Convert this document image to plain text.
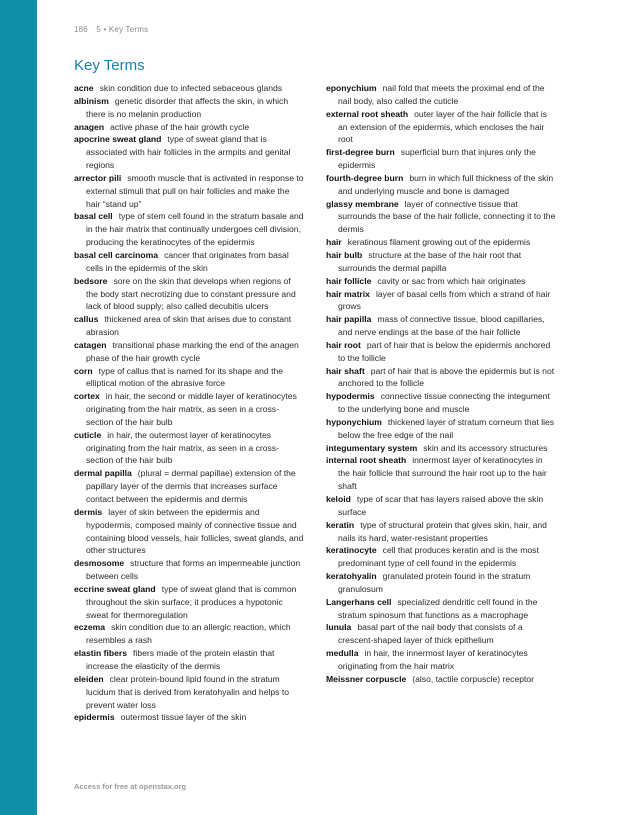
186 5 • Key Terms
Key Terms

acne skin condition due to infected sebaceous glands

albinism genetic disorder that affects the skin, in which there is no melanin production

anagen active phase of the hair growth cycle

apocrine sweat gland type of sweat gland that is associated with hair follicles in the armpits and genital regions

arrector pili smooth muscle that is activated in response to external stimuli that pull on hair follicles and make the hair “stand up”

basal cell type of stem cell found in the stratum basale and in the hair matrix that continually undergoes cell division, producing the keratinocytes of the epidermis

basal cell carcinoma cancer that originates from basal cells in the epidermis of the skin

bedsore sore on the skin that develops when regions of the body start necrotizing due to constant pressure and lack of blood supply; also called decubitis ulcers

callus thickened area of skin that arises due to constant abrasion

catagen transitional phase marking the end of the anagen phase of the hair growth cycle

corn type of callus that is named for its shape and the elliptical motion of the abrasive force

cortex in hair, the second or middle layer of keratinocytes originating from the hair matrix, as seen in a cross-section of the hair bulb

cuticle in hair, the outermost layer of keratinocytes originating from the hair matrix, as seen in a cross-section of the hair bulb

dermal papilla (plural = dermal papillae) extension of the papillary layer of the dermis that increases surface contact between the epidermis and dermis

dermis layer of skin between the epidermis and hypodermis, composed mainly of connective tissue and containing blood vessels, hair follicles, sweat glands, and other structures

desmosome structure that forms an impermeable junction between cells

eccrine sweat gland type of sweat gland that is common throughout the skin surface; it produces a hypotonic sweat for thermoregulation

eczema skin condition due to an allergic reaction, which resembles a rash

elastin fibers fibers made of the protein elastin that increase the elasticity of the dermis

eleiden clear protein-bound lipid found in the stratum lucidum that is derived from keratohyalin and helps to prevent water loss

epidermis outermost tissue layer of the skin

eponychium nail fold that meets the proximal end of the nail body, also called the cuticle

external root sheath outer layer of the hair follicle that is an extension of the epidermis, which encloses the hair root

first-degree burn superficial burn that injures only the epidermis

fourth-degree burn burn in which full thickness of the skin and underlying muscle and bone is damaged

glassy membrane layer of connective tissue that surrounds the base of the hair follicle, connecting it to the dermis

hair keratinous filament growing out of the epidermis

hair bulb structure at the base of the hair root that surrounds the dermal papilla

hair follicle cavity or sac from which hair originates

hair matrix layer of basal cells from which a strand of hair grows

hair papilla mass of connective tissue, blood capillaries, and nerve endings at the base of the hair follicle

hair root part of hair that is below the epidermis anchored to the follicle

hair shaft part of hair that is above the epidermis but is not anchored to the follicle

hypodermis connective tissue connecting the integument to the underlying bone and muscle

hyponychium thickened layer of stratum corneum that lies below the free edge of the nail

integumentary system skin and its accessory structures

internal root sheath innermost layer of keratinocytes in the hair follicle that surround the hair root up to the hair shaft

keloid type of scar that has layers raised above the skin surface

keratin type of structural protein that gives skin, hair, and nails its hard, water-resistant properties

keratinocyte cell that produces keratin and is the most predominant type of cell found in the epidermis

keratohyalin granulated protein found in the stratum granulosum

Langerhans cell specialized dendritic cell found in the stratum spinosum that functions as a macrophage

lunula basal part of the nail body that consists of a crescent-shaped layer of thick epithelium

medulla in hair, the innermost layer of keratinocytes originating from the hair matrix

Meissner corpuscle (also, tactile corpuscle) receptor

Access for free at openstax.org
